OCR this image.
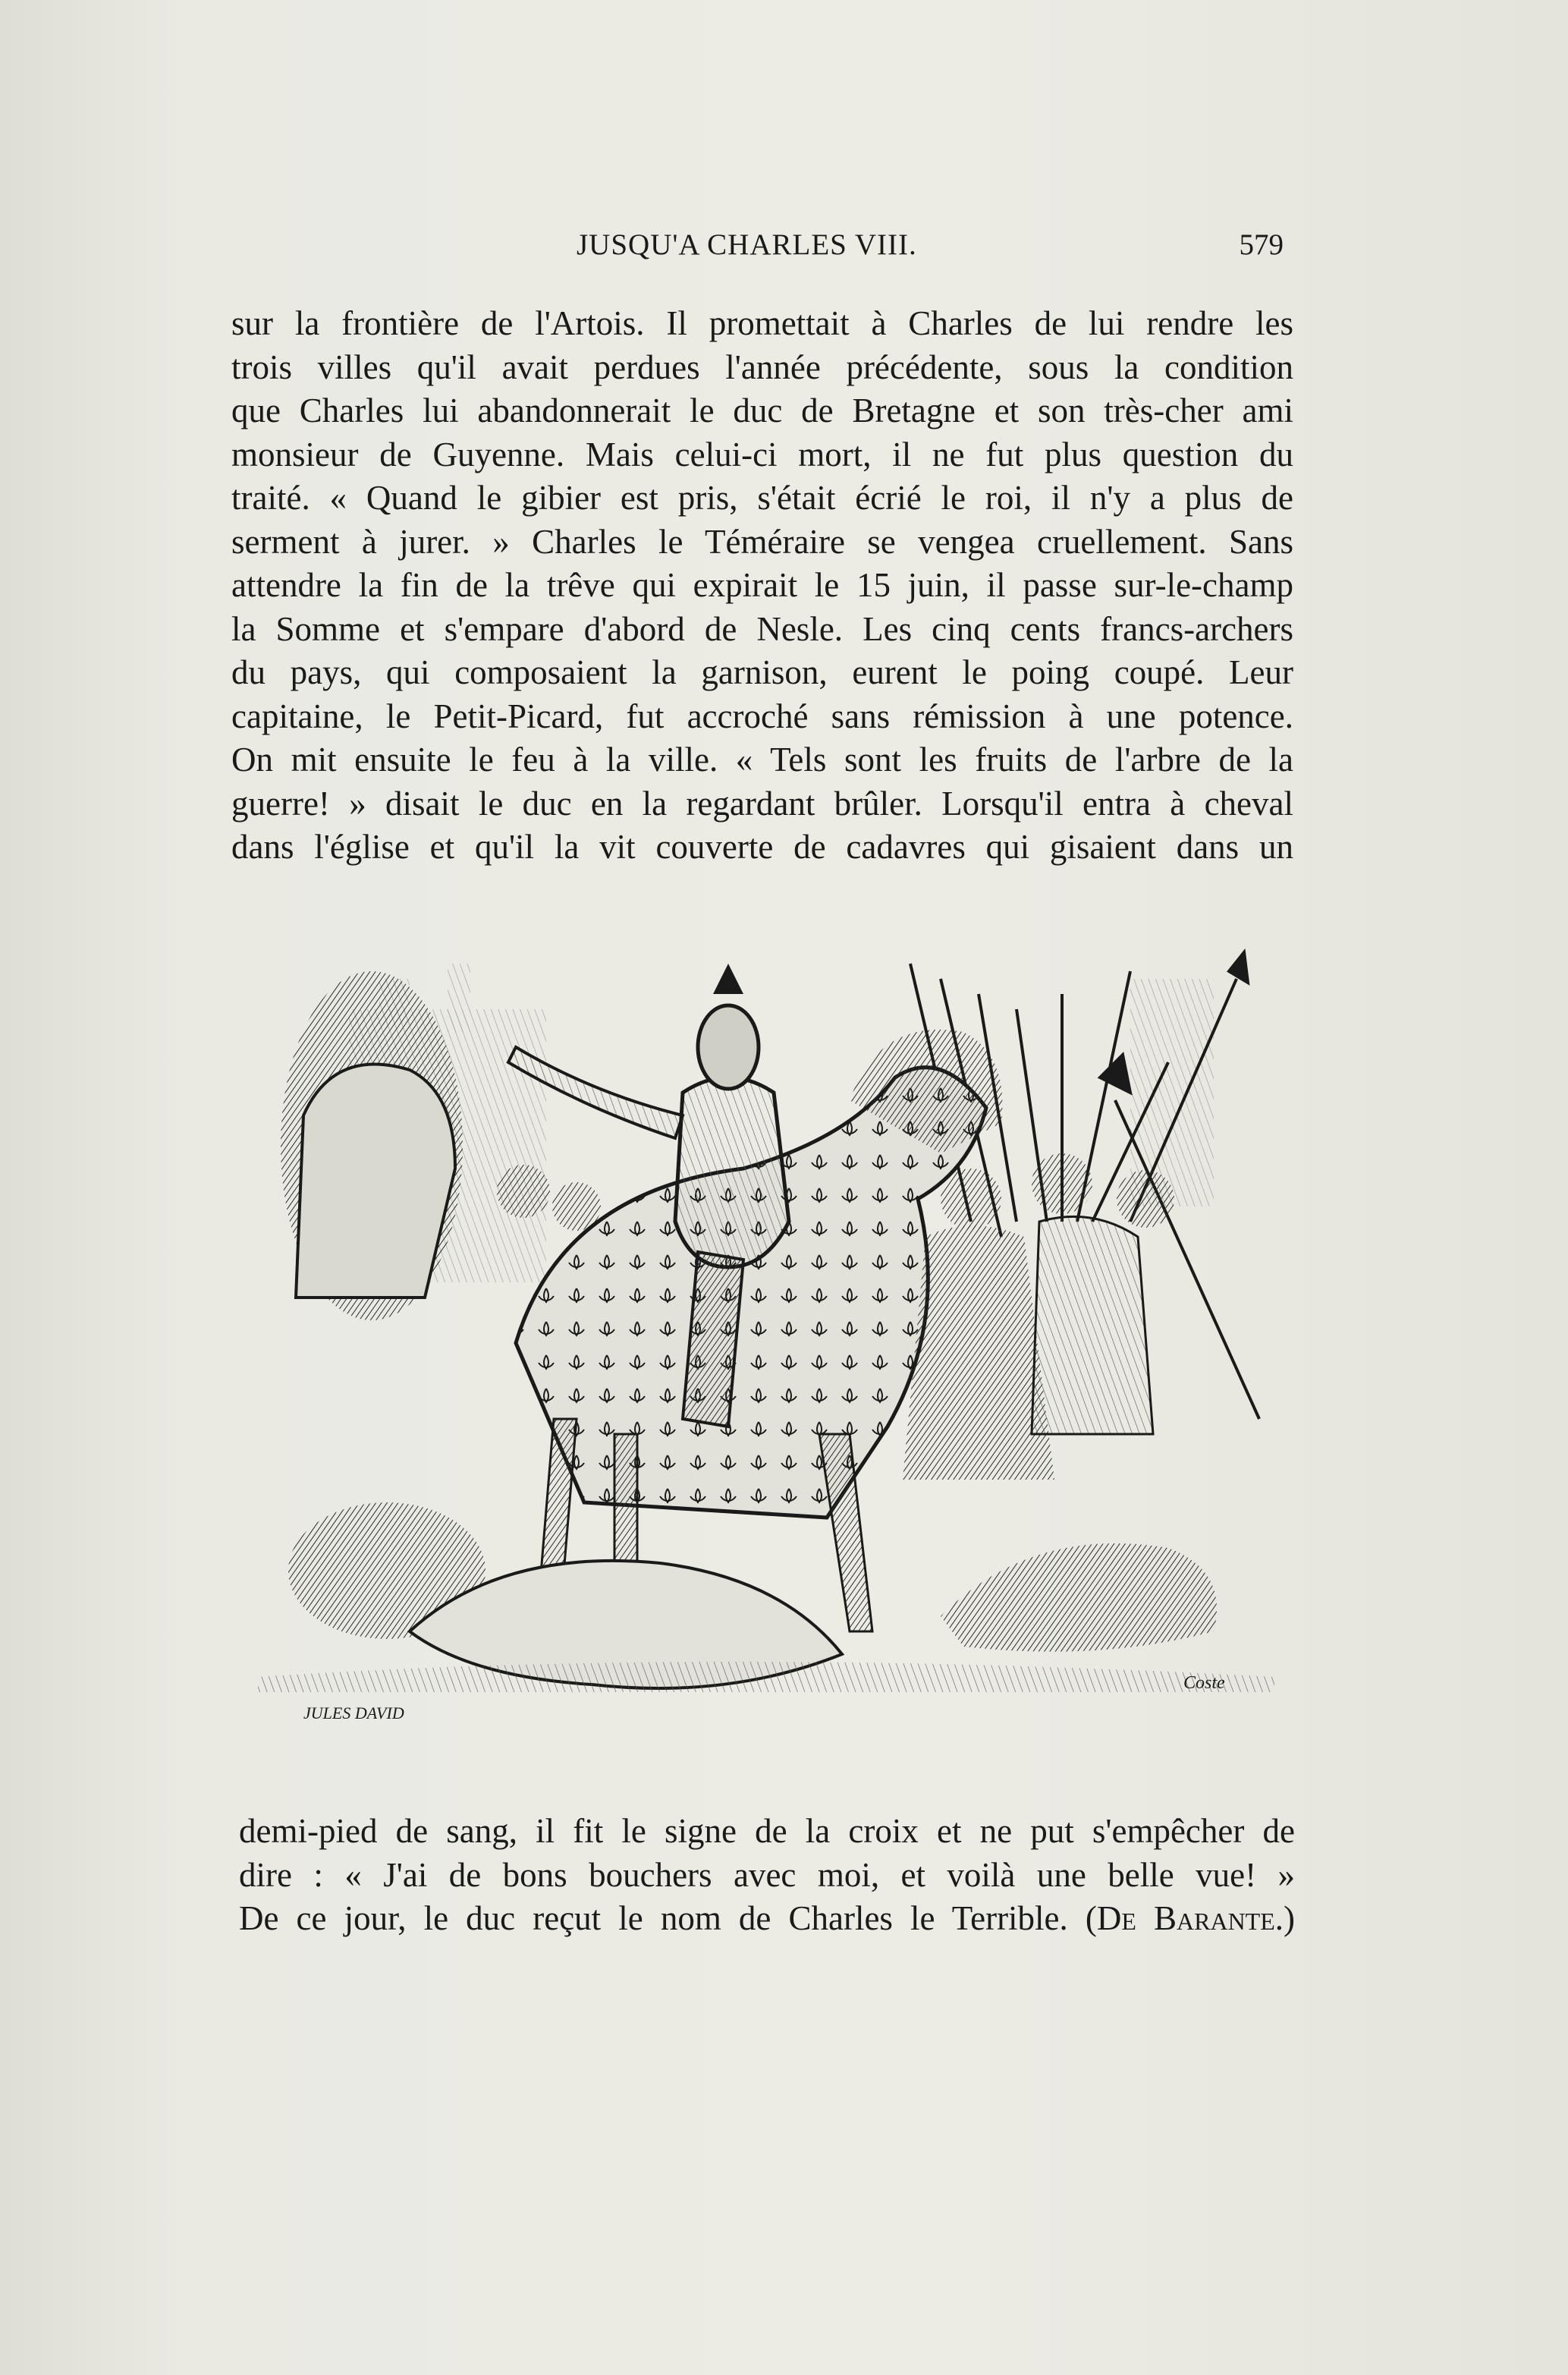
JUSQU'A CHARLES VIII.	579
sur la frontière de l'Artois. Il promettait à Charles de lui rendre les
trois villes qu'il avait perdues l'année précédente, sous la condition
que Charles lui abandonnerait le duc de Bretagne et son très-cher ami
monsieur de Guyenne. Mais celui-ci mort, il ne fut plus question du
traité. « Quand le gibier est pris, s'était écrié le roi, il n'y a plus de
serment à jurer. » Charles le Téméraire se vengea cruellement. Sans
attendre la fin de la trêve qui expirait le 15 juin, il passe sur-le-champ
la Somme et s'empare d'abord de Nesle. Les cinq cents francs-archers
du pays, qui composaient la garnison, eurent le poing coupé. Leur
capitaine, le Petit-Picard, fut accroché sans rémission à une potence.
On mit ensuite le feu à la ville. « Tels sont les fruits de l'arbre de la
guerre! » disait le duc en la regardant brûler. Lorsqu'il entra à cheval
dans l'église et qu'il la vit couverte de cadavres qui gisaient dans un
JULES DAVID
Coste
demi-pied de sang, il fit le signe de la croix et ne put s'empêcher de
dire : « J'ai de bons bouchers avec moi, et voilà une belle vue! »
De ce jour, le duc reçut le nom de Charles le Terrible. (De Barante.)
